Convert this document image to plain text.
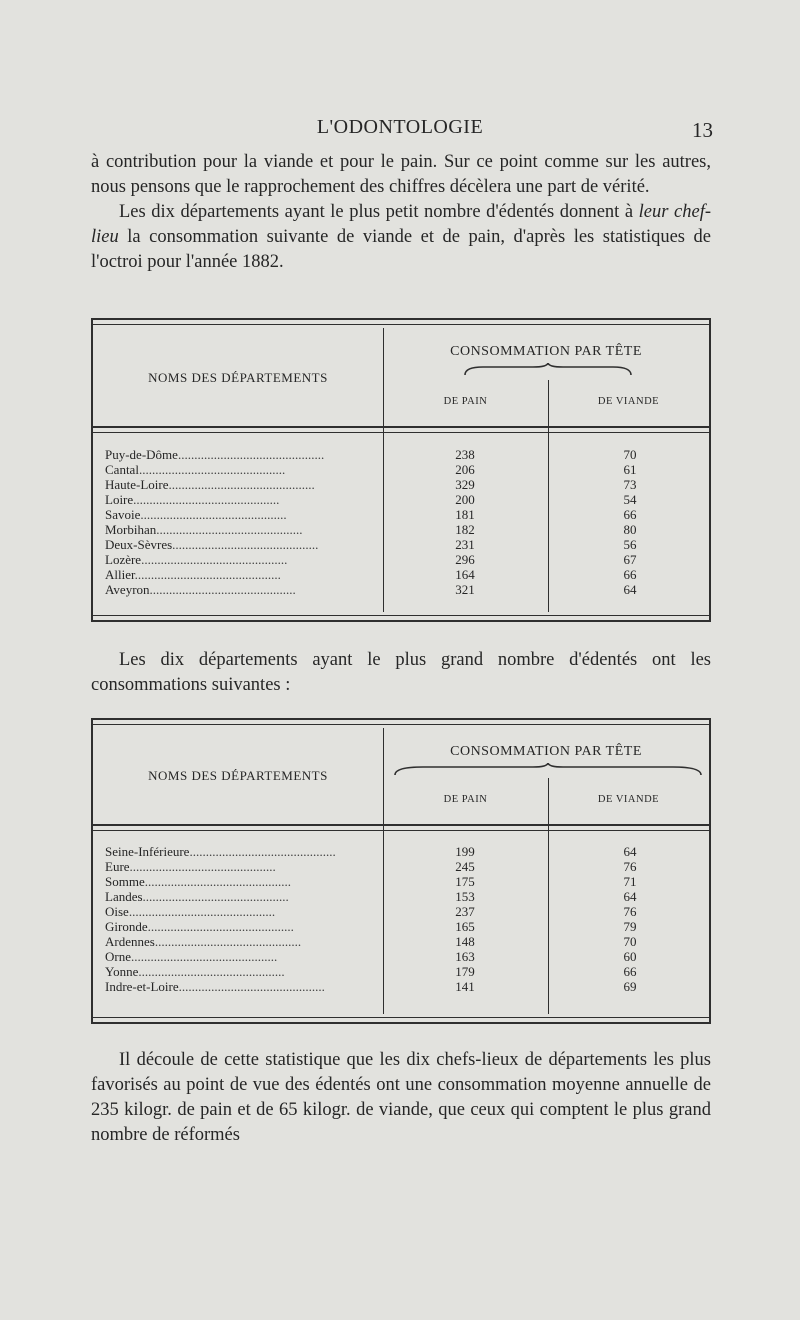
L'ODONTOLOGIE	13

à contribution pour la viande et pour le pain. Sur ce point comme sur les autres, nous pensons que le rapprochement des chiffres décèlera une part de vérité.

Les dix départements ayant le plus petit nombre d'édentés donnent à leur chef-lieu la consommation suivante de viande et de pain, d'après les statistiques de l'octroi pour l'année 1882.

CONSOMMATION PAR TÊTE
NOMS DES DÉPARTEMENTS
DE PAIN	DE VIANDE
Puy-de-Dôme.............................................	238	70
Cantal.............................................	206	61
Haute-Loire.............................................	329	73
Loire.............................................	200	54
Savoie.............................................	181	66
Morbihan.............................................	182	80
Deux-Sèvres.............................................	231	56
Lozère.............................................	296	67
Allier.............................................	164	66
Aveyron.............................................	321	64

Les dix départements ayant le plus grand nombre d'édentés ont les consommations suivantes :

CONSOMMATION PAR TÊTE
NOMS DES DÉPARTEMENTS
DE PAIN	DE VIANDE
Seine-Inférieure.............................................	199	64
Eure.............................................	245	76
Somme.............................................	175	71
Landes.............................................	153	64
Oise.............................................	237	76
Gironde.............................................	165	79
Ardennes.............................................	148	70
Orne.............................................	163	60
Yonne.............................................	179	66
Indre-et-Loire.............................................	141	69

Il découle de cette statistique que les dix chefs-lieux de départements les plus favorisés au point de vue des édentés ont une consommation moyenne annuelle de 235 kilogr. de pain et de 65 kilogr. de viande, que ceux qui comptent le plus grand nombre de réformés
